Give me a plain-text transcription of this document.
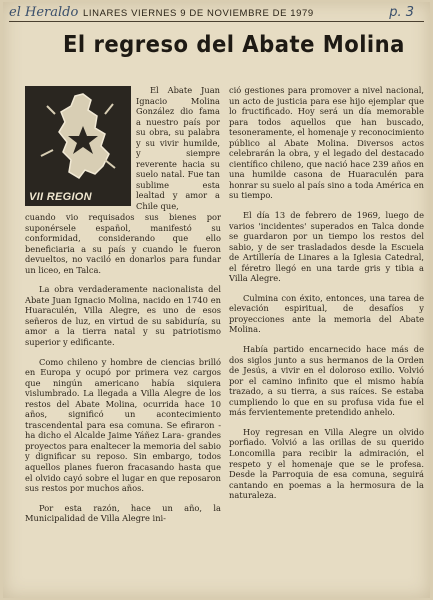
el Heraldo LINARES VIERNES 9 DE NOVIEMBRE DE 1979	p. 3
El regreso del Abate Molina
VII REGION

El Abate Juan Ignacio Molina González dio fama a nuestro país por su obra, su palabra y su vivir humilde, y siempre reverente hacia su suelo natal. Fue tan sublime esta lealtad y amor a Chile que,

cuando vio requisados sus bienes por suponérsele español, manifestó su conformidad, considerando que ello beneficiaria a su país y cuando le fueron devueltos, no vaciló en donarlos para fundar un liceo, en Talca.

La obra verdaderamente nacionalista del Abate Juan Ignacio Molina, nacido en 1740 en Huaraculén, Villa Alegre, es uno de esos señeros de luz, en virtud de su sabiduría, su amor a la tierra natal y su patriotismo superior y edificante.

Como chileno y hombre de ciencias brilló en Europa y ocupó por primera vez cargos que ningún americano había siquiera vislumbrado. La llegada a Villa Alegre de los restos del Abate Molina, ocurrida hace 10 años, significó un acontecimiento trascendental para esa comuna. Se efiraron -ha dicho el Alcalde Jaime Yáñez Lara- grandes proyectos para enaltecer la memoria del sabio y dignificar su reposo. Sin embargo, todos aquellos planes fueron fracasando hasta que el olvido cayó sobre el lugar en que reposaron sus restos por muchos años.

Por esta razón, hace un año, la Municipalidad de Villa Alegre ini-

ció gestiones para promover a nivel nacional, un acto de justicia para ese hijo ejemplar que lo fructificado. Hoy será un día memorable para todos aquellos que han buscado, tesoneramente, el homenaje y reconocimiento público al Abate Molina. Diversos actos celebrarán la obra, y el legado del destacado científico chileno, que nació hace 239 años en una humilde casona de Huaraculén para honrar su suelo al país sino a toda América en su tiempo.

El día 13 de febrero de 1969, luego de varios 'incidentes' superados en Talca donde se guardaron por un tiempo los restos del sabio, y de ser trasladados desde la Escuela de Artillería de Linares a la Iglesia Catedral, el féretro llegó en una tarde gris y tibia a Villa Alegre.

Culmina con éxito, entonces, una tarea de elevación espiritual, de desafíos y proyecciones ante la memoria del Abate Molina.

Había partido encarnecido hace más de dos siglos junto a sus hermanos de la Orden de Jesús, a vivir en el doloroso exilio. Volvió por el camino infinito que el mismo había trazado, a su tierra, a sus raíces. Se estaba cumpliendo lo que en su profusa vida fue el más fervientemente pretendido anhelo.

Hoy regresan en Villa Alegre un olvido porfiado. Volvió a las orillas de su querido Loncomilla para recibir la admiración, el respeto y el homenaje que se le profesa. Desde la Parroquia de esa comuna, seguirá cantando en poemas a la hermosura de la naturaleza.
